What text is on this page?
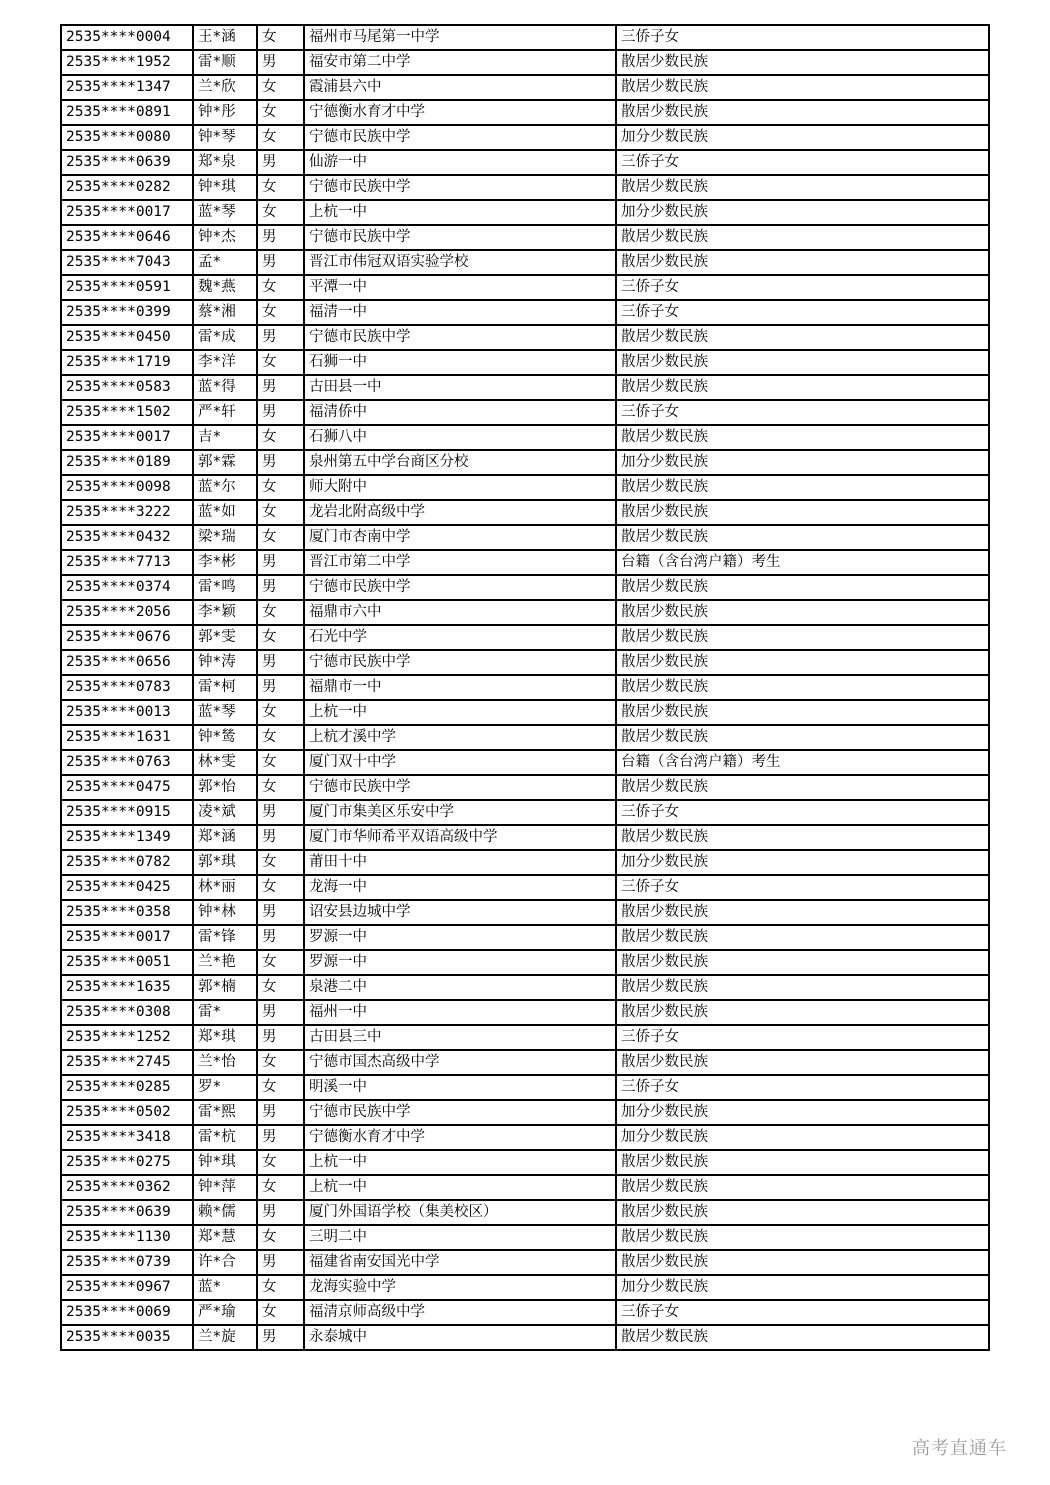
2535****0004	王*涵	女	福州市马尾第一中学	三侨子女
2535****1952	雷*顺	男	福安市第二中学	散居少数民族
2535****1347	兰*欣	女	霞浦县六中	散居少数民族
2535****0891	钟*彤	女	宁德衡水育才中学	散居少数民族
2535****0080	钟*琴	女	宁德市民族中学	加分少数民族
2535****0639	郑*泉	男	仙游一中	三侨子女
2535****0282	钟*琪	女	宁德市民族中学	散居少数民族
2535****0017	蓝*琴	女	上杭一中	加分少数民族
2535****0646	钟*杰	男	宁德市民族中学	散居少数民族
2535****7043	孟*	男	晋江市伟冠双语实验学校	散居少数民族
2535****0591	魏*燕	女	平潭一中	三侨子女
2535****0399	蔡*湘	女	福清一中	三侨子女
2535****0450	雷*成	男	宁德市民族中学	散居少数民族
2535****1719	李*洋	女	石狮一中	散居少数民族
2535****0583	蓝*得	男	古田县一中	散居少数民族
2535****1502	严*轩	男	福清侨中	三侨子女
2535****0017	吉*	女	石狮八中	散居少数民族
2535****0189	郭*霖	男	泉州第五中学台商区分校	加分少数民族
2535****0098	蓝*尔	女	师大附中	散居少数民族
2535****3222	蓝*如	女	龙岩北附高级中学	散居少数民族
2535****0432	梁*瑞	女	厦门市杏南中学	散居少数民族
2535****7713	李*彬	男	晋江市第二中学	台籍（含台湾户籍）考生
2535****0374	雷*鸣	男	宁德市民族中学	散居少数民族
2535****2056	李*颖	女	福鼎市六中	散居少数民族
2535****0676	郭*雯	女	石光中学	散居少数民族
2535****0656	钟*涛	男	宁德市民族中学	散居少数民族
2535****0783	雷*柯	男	福鼎市一中	散居少数民族
2535****0013	蓝*琴	女	上杭一中	散居少数民族
2535****1631	钟*鸶	女	上杭才溪中学	散居少数民族
2535****0763	林*雯	女	厦门双十中学	台籍（含台湾户籍）考生
2535****0475	郭*怡	女	宁德市民族中学	散居少数民族
2535****0915	凌*斌	男	厦门市集美区乐安中学	三侨子女
2535****1349	郑*涵	男	厦门市华师希平双语高级中学	散居少数民族
2535****0782	郭*琪	女	莆田十中	加分少数民族
2535****0425	林*丽	女	龙海一中	三侨子女
2535****0358	钟*林	男	诏安县边城中学	散居少数民族
2535****0017	雷*锋	男	罗源一中	散居少数民族
2535****0051	兰*艳	女	罗源一中	散居少数民族
2535****1635	郭*楠	女	泉港二中	散居少数民族
2535****0308	雷*	男	福州一中	散居少数民族
2535****1252	郑*琪	男	古田县三中	三侨子女
2535****2745	兰*怡	女	宁德市国杰高级中学	散居少数民族
2535****0285	罗*	女	明溪一中	三侨子女
2535****0502	雷*熙	男	宁德市民族中学	加分少数民族
2535****3418	雷*杭	男	宁德衡水育才中学	加分少数民族
2535****0275	钟*琪	女	上杭一中	散居少数民族
2535****0362	钟*萍	女	上杭一中	散居少数民族
2535****0639	赖*儒	男	厦门外国语学校（集美校区）	散居少数民族
2535****1130	郑*慧	女	三明二中	散居少数民族
2535****0739	许*合	男	福建省南安国光中学	散居少数民族
2535****0967	蓝*	女	龙海实验中学	加分少数民族
2535****0069	严*瑜	女	福清京师高级中学	三侨子女
2535****0035	兰*旋	男	永泰城中	散居少数民族
高考直通车
